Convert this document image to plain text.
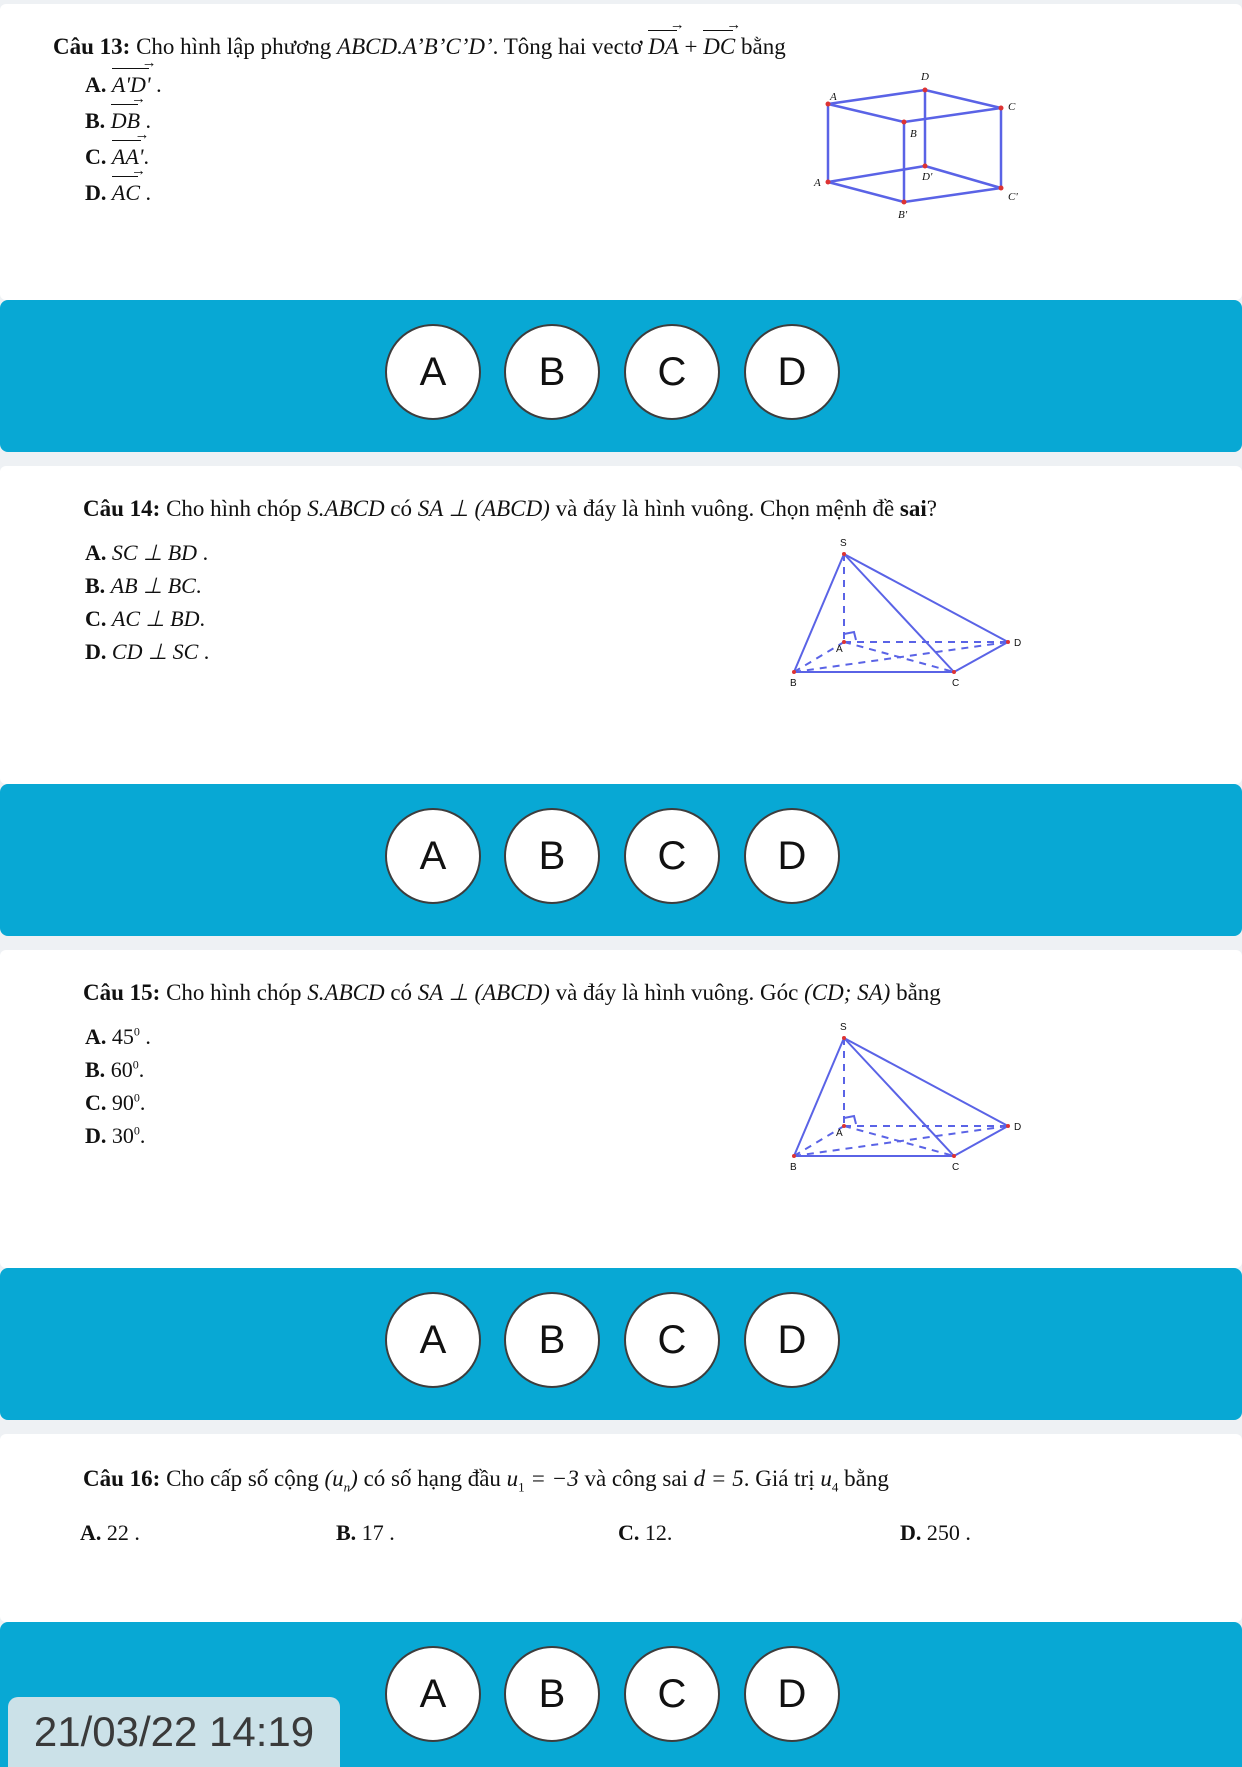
Câu 13: Cho hình lập phương ABCD.A’B’C’D’. Tông hai vectơ DA → + DC → bằng
A. A'D' → .
B. DB → .
C. AA' →.
D. AC → .
D
A
C
B
D'
A
C'
B'
A	B	C	D
Câu 14: Cho hình chóp S.ABCD có SA ⊥ (ABCD) và đáy là hình vuông. Chọn mệnh đề sai?
A. SC ⊥ BD .
B. AB ⊥ BC.
C. AC ⊥ BD.
D. CD ⊥ SC .
S
A
B	C
D
A	B	C	D
Câu 15: Cho hình chóp S.ABCD có SA ⊥ (ABCD) và đáy là hình vuông. Góc (CD; SA) bằng
A. $45^0$ .
B. $60^0$.
C. $90^0$.
D. $30^0$.
S
A
B	C
D
A	B	C	D
Câu 16: Cho cấp số cộng $(u_n)$ có số hạng đầu $u_1 = -3$ và công sai d = 5. Giá trị $u_4$ bằng
A. 22 .	B. 17 .	C. 12.	D. 250 .
A	B	C	D
21/03/22 14:19
